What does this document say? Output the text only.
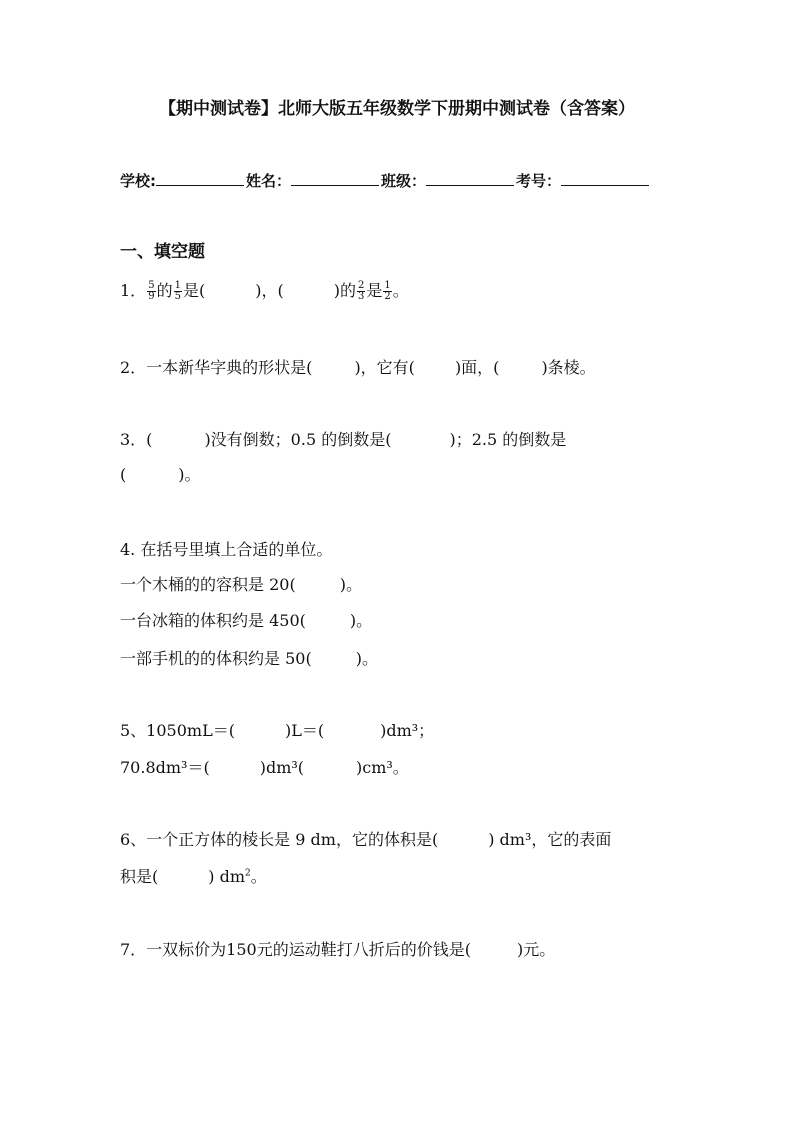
【期中测试卷】北师大版五年级数学下册期中测试卷（含答案）
学校:	姓名：	班级：	考号：
一、填空题
1． $\frac{5}{9}$ 的 $\frac{1}{5}$ 是(	)，(	)的 $\frac{2}{3}$ 是 $\frac{1}{2}$ 。
2．一本新华字典的形状是(	)，它有(	)面，(	)条棱。
3．(	)没有倒数；0.5 的倒数是(	)；2.5 的倒数是
(	)。
4. 在括号里填上合适的单位。
一个木桶的的容积是 20(	)。
一台冰箱的体积约是 450(	)。
一部手机的的体积约是 50(	)。
5、1050mL＝(	)L＝(	)dm³；
70.8dm³＝(	)dm³(	)cm³。
6、一个正方体的棱长是 9 dm，它的体积是(	) dm³，它的表面
积是(	) $dm^2$。
7．一双标价为150元的运动鞋打八折后的价钱是(	)元。
